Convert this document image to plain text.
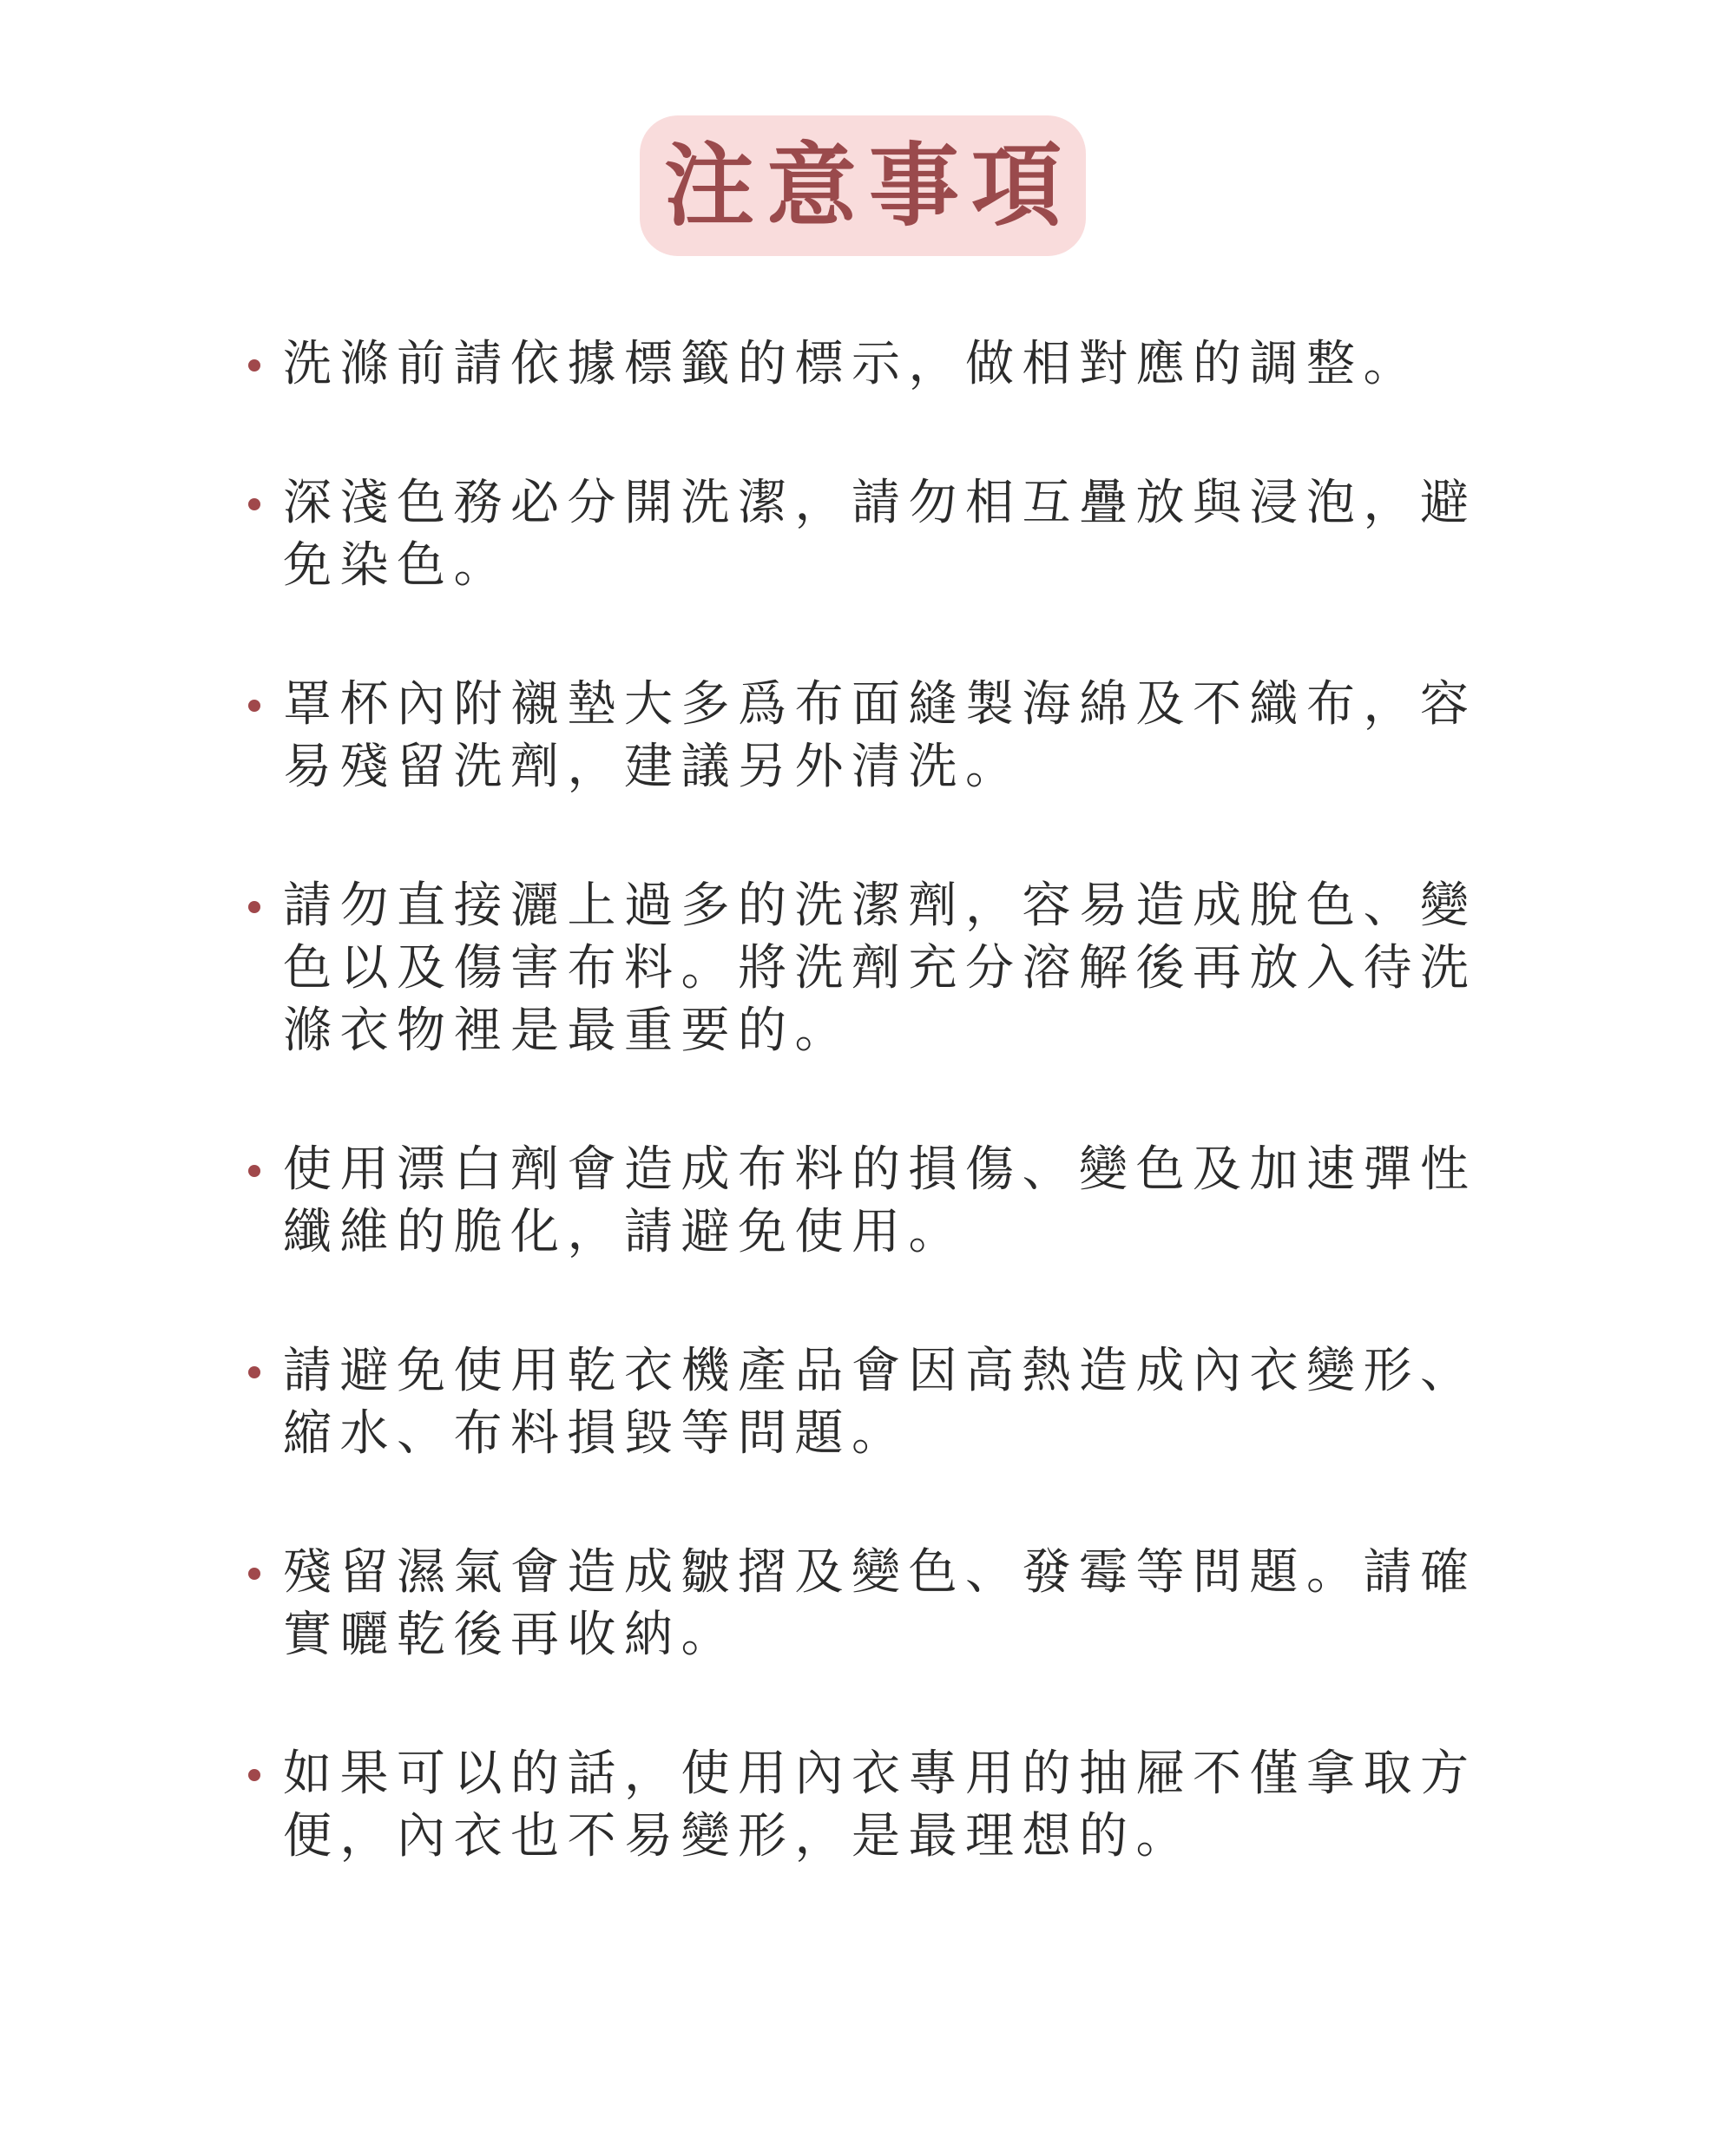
注意事項
洗滌前請依據標籤的標示，做相對應的調整。
深淺色務必分開洗潔，請勿相互疊放與浸泡，避免染色。
罩杯內附襯墊大多爲布面縫製海綿及不織布，容易殘留洗劑，建議另外清洗。
請勿直接灑上過多的洗潔劑，容易造成脫色、變色以及傷害布料。將洗劑充分溶解後再放入待洗滌衣物裡是最重要的。
使用漂白劑會造成布料的損傷、變色及加速彈性纖維的脆化，請避免使用。
請避免使用乾衣機產品會因高熱造成內衣變形、縮水、布料損毀等問題。
殘留濕氣會造成皺摺及變色、發霉等問題。請確實曬乾後再收納。
如果可以的話，使用內衣專用的抽屜不僅拿取方便，內衣也不易變形，是最理想的。
